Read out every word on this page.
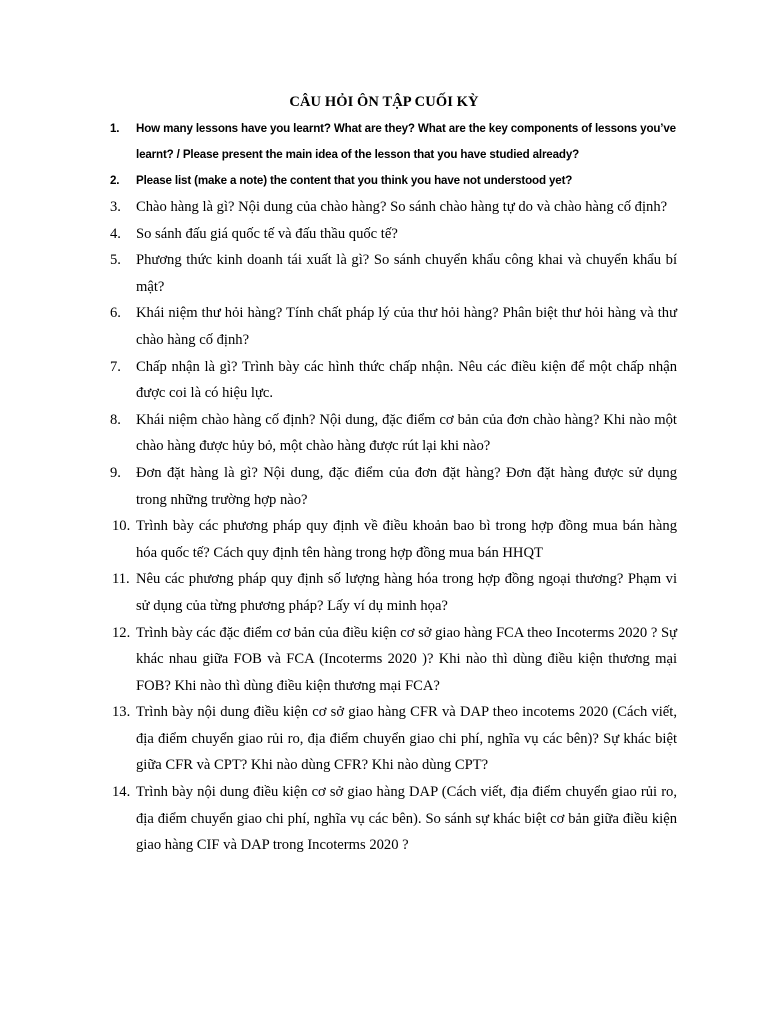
CÂU HỎI ÔN TẬP CUỐI KỲ
1.	How many lessons have you learnt? What are they? What are the key components of lessons you’ve learnt? / Please present the main idea of the lesson that you have studied already?
2.	Please list (make a note) the content that you think you have not understood yet?
3.	Chào hàng là gì? Nội dung của chào hàng? So sánh chào hàng tự do và chào hàng cố định?
4.	So sánh đấu giá quốc tế và đấu thầu quốc tế?
5.	Phương thức kinh doanh tái xuất là gì? So sánh chuyển khẩu công khai và chuyển khẩu bí mật?
6.	Khái niệm thư hỏi hàng? Tính chất pháp lý của thư hỏi hàng? Phân biệt thư hỏi hàng và thư chào hàng cố định?
7.	Chấp nhận là gì? Trình bày các hình thức chấp nhận. Nêu các điều kiện để một chấp nhận được coi là có hiệu lực.
8.	Khái niệm chào hàng cố định? Nội dung, đặc điểm cơ bản của đơn chào hàng? Khi nào một chào hàng được hủy bỏ, một chào hàng được rút lại khi nào?
9.	Đơn đặt hàng là gì? Nội dung, đặc điểm của đơn đặt hàng? Đơn đặt hàng được sử dụng trong những trường hợp nào?
10. Trình bày các phương pháp quy định về điều khoản bao bì trong hợp đồng mua bán hàng hóa quốc tế? Cách quy định tên hàng trong hợp đồng mua bán HHQT
11. Nêu các phương pháp quy định số lượng hàng hóa trong hợp đồng ngoại thương? Phạm vi sử dụng của từng phương pháp? Lấy ví dụ minh họa?
12. Trình bày các đặc điểm cơ bản của điều kiện cơ sở giao hàng FCA theo Incoterms 2020 ? Sự khác nhau giữa FOB và FCA (Incoterms 2020 )? Khi nào thì dùng điều kiện thương mại FOB? Khi nào thì dùng điều kiện thương mại FCA?
13. Trình bày nội dung điều kiện cơ sở giao hàng CFR và DAP theo incotems 2020 (Cách viết, địa điểm chuyển giao rủi ro, địa điểm chuyển giao chi phí, nghĩa vụ các bên)? Sự khác biệt giữa CFR và CPT? Khi nào dùng CFR? Khi nào dùng CPT?
14. Trình bày nội dung điều kiện cơ sở giao hàng DAP (Cách viết, địa điểm chuyển giao rủi ro, địa điểm chuyển giao chi phí, nghĩa vụ các bên). So sánh sự khác biệt cơ bản giữa điều kiện giao hàng CIF và DAP trong Incoterms 2020 ?
